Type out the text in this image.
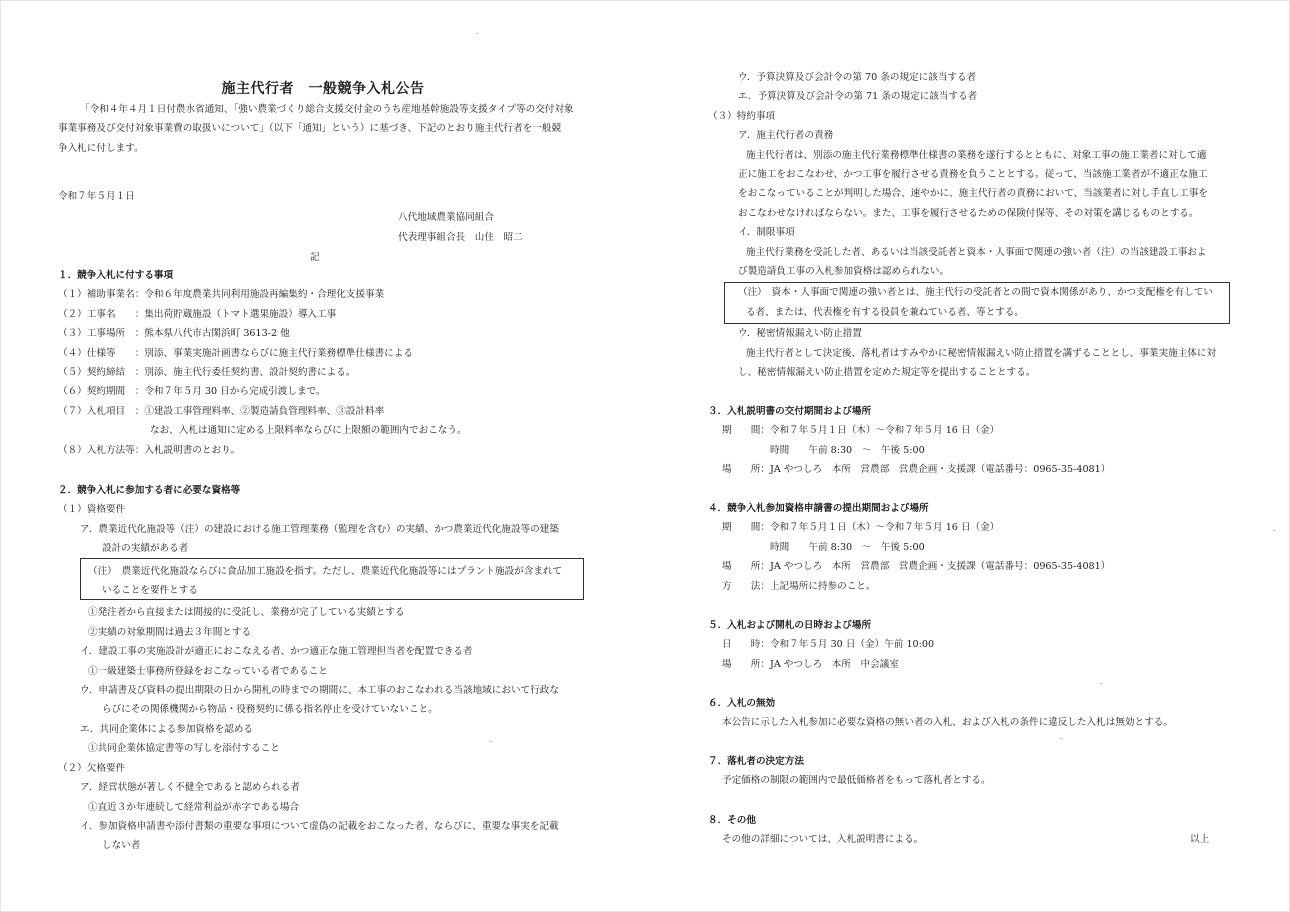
施主代行者　一般競争入札公告
「令和４年４月１日付農水省通知、「強い農業づくり総合支援交付金のうち産地基幹施設等支援タイプ等の交付対象
事業事務及び交付対象事業費の取扱いについて」（以下「通知」という）に基づき、下記のとおり施主代行者を一般競
争入札に付します。
令和７年５月１日
八代地域農業協同組合
代表理事組合長　山住　昭二
記
１．競争入札に付する事項
（１）補助事業名：令和６年度農業共同利用施設再編集約・合理化支援事業
（２）工事名　　：集出荷貯蔵施設（トマト選果施設）導入工事
（３）工事場所　：熊本県八代市古閑浜町 3613-2 他
（４）仕様等　　：別添、事業実施計画書ならびに施主代行業務標準仕様書による
（５）契約締結　：別添、施主代行委任契約書、設計契約書による。
（６）契約期間　：令和７年５月 30 日から完成引渡しまで。
（７）入札項目　：①建設工事管理料率、②製造請負管理料率、③設計料率
なお、入札は通知に定める上限料率ならびに上限額の範囲内でおこなう。
（８）入札方法等：入札説明書のとおり。
２．競争入札に参加する者に必要な資格等
（１）資格要件
ア．農業近代化施設等（注）の建設における施工管理業務（監理を含む）の実績、かつ農業近代化施設等の建築
設計の実績がある者
（注）　農業近代化施設ならびに食品加工施設を指す。ただし、農業近代化施設等にはプラント施設が含まれて
いることを要件とする
①発注者から直接または間接的に受託し、業務が完了している実績とする
②実績の対象期間は過去３年間とする
イ．建設工事の実施設計が適正におこなえる者、かつ適正な施工管理担当者を配置できる者
①一級建築士事務所登録をおこなっている者であること
ウ．申請書及び資料の提出期限の日から開札の時までの期間に、本工事のおこなわれる当該地域において行政な
らびにその関係機関から物品・役務契約に係る指名停止を受けていないこと。
エ．共同企業体による参加資格を認める
①共同企業体協定書等の写しを添付すること
（２）欠格要件
ア．経営状態が著しく不健全であると認められる者
①直近３か年連続して経常利益が赤字である場合
イ．参加資格申請書や添付書類の重要な事項について虚偽の記載をおこなった者、ならびに、重要な事実を記載
しない者
ウ．予算決算及び会計令の第 70 条の規定に該当する者
エ．予算決算及び会計令の第 71 条の規定に該当する者
（３）特約事項
ア．施主代行者の責務
施主代行者は、別添の施主代行業務標準仕様書の業務を遂行するとともに、対象工事の施工業者に対して適
正に施工をおこなわせ、かつ工事を履行させる責務を負うこととする。従って、当該施工業者が不適正な施工
をおこなっていることが判明した場合、速やかに、施主代行者の責務において、当該業者に対し手直し工事を
おこなわせなければならない。また、工事を履行させるための保険付保等、その対策を講じるものとする。
イ．制限事項
施主代行業務を受託した者、あるいは当該受託者と資本・人事面で関連の強い者（注）の当該建設工事およ
び製造請負工事の入札参加資格は認められない。
（注）　資本・人事面で関連の強い者とは、施主代行の受託者との間で資本関係があり、かつ支配権を有してい
る者、または、代表権を有する役員を兼ねている者、等とする。
ウ．秘密情報漏えい防止措置
施主代行者として決定後、落札者はすみやかに秘密情報漏えい防止措置を講ずることとし、事業実施主体に対
し、秘密情報漏えい防止措置を定めた規定等を提出することとする。
３．入札説明書の交付期間および場所
期　　間：令和７年５月１日（木）～令和７年５月 16 日（金）
時間　　午前 8:30　～　午後 5:00
場　　所：JA やつしろ　本所　営農部　営農企画・支援課（電話番号：0965-35-4081）
４．競争入札参加資格申請書の提出期間および場所
期　　間：令和７年５月１日（木）～令和７年５月 16 日（金）
時間　　午前 8:30　～　午後 5:00
場　　所：JA やつしろ　本所　営農部　営農企画・支援課（電話番号：0965-35-4081）
方　　法：上記場所に持参のこと。
５．入札および開札の日時および場所
日　　時：令和７年５月 30 日（金）午前 10:00
場　　所：JA やつしろ　本所　中会議室
６．入札の無効
本公告に示した入札参加に必要な資格の無い者の入札、および入札の条件に違反した入札は無効とする。
７．落札者の決定方法
予定価格の制限の範囲内で最低価格者をもって落札者とする。
８．その他
その他の詳細については、入札説明書による。	以上
